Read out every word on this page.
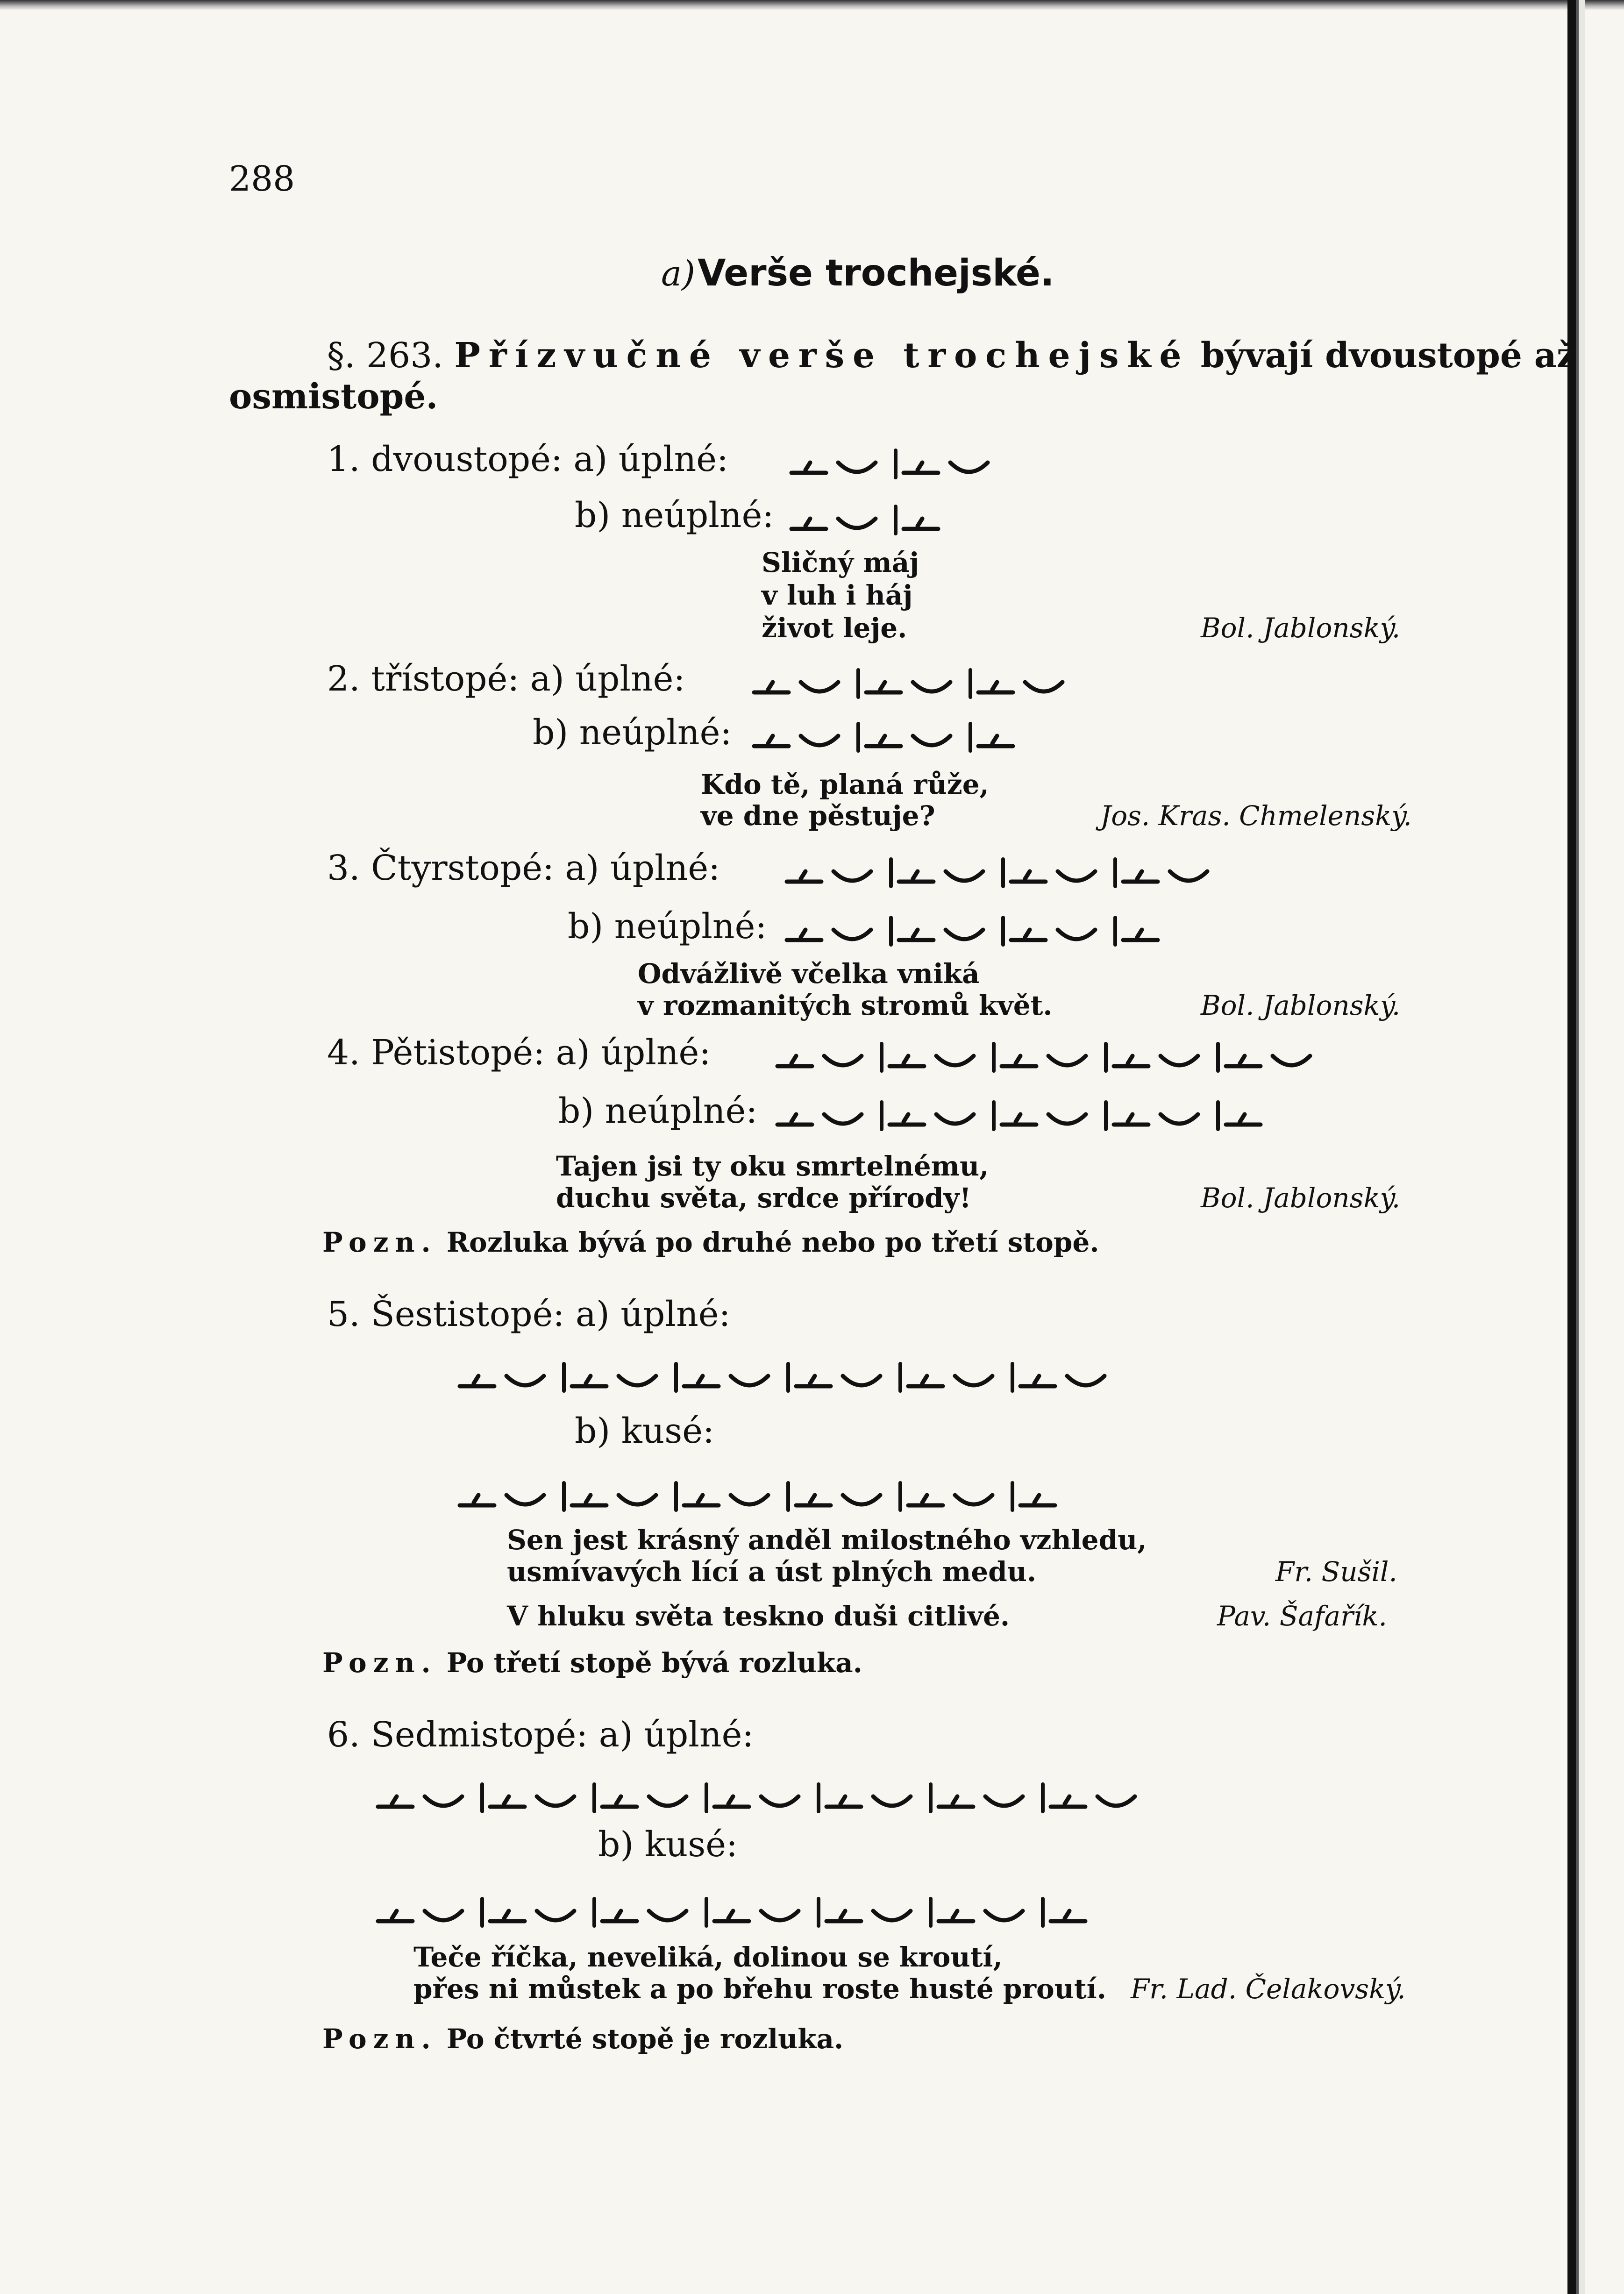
288
a) Verše trochejské.
§. 263. Přízvučné verše trochejské bývají dvoustopé až
osmistopé.
1. dvoustopé: a) úplné:
b) neúplné:
Sličný máj
v luh i háj
život leje.	Bol. Jablonský.
2. třístopé: a) úplné:
b) neúplné:
Kdo tě, planá růže,
ve dne pěstuje?	Jos. Kras. Chmelenský.
3. Čtyrstopé: a) úplné:
b) neúplné:
Odvážlivě včelka vniká
v rozmanitých stromů květ.	Bol. Jablonský.
4. Pětistopé: a) úplné:
b) neúplné:
Tajen jsi ty oku smrtelnému,
duchu světa, srdce přírody!	Bol. Jablonský.
Pozn. Rozluka bývá po druhé nebo po třetí stopě.
5. Šestistopé: a) úplné:
b) kusé:
Sen jest krásný anděl milostného vzhledu,
usmívavých lící a úst plných medu.	Fr. Sušil.
V hluku světa teskno duši citlivé.	Pav. Šafařík.
Pozn. Po třetí stopě bývá rozluka.
6. Sedmistopé: a) úplné:
b) kusé:
Teče říčka, neveliká, dolinou se kroutí,
přes ni můstek a po břehu roste husté proutí. Fr. Lad. Čelakovský.
Pozn. Po čtvrté stopě je rozluka.
